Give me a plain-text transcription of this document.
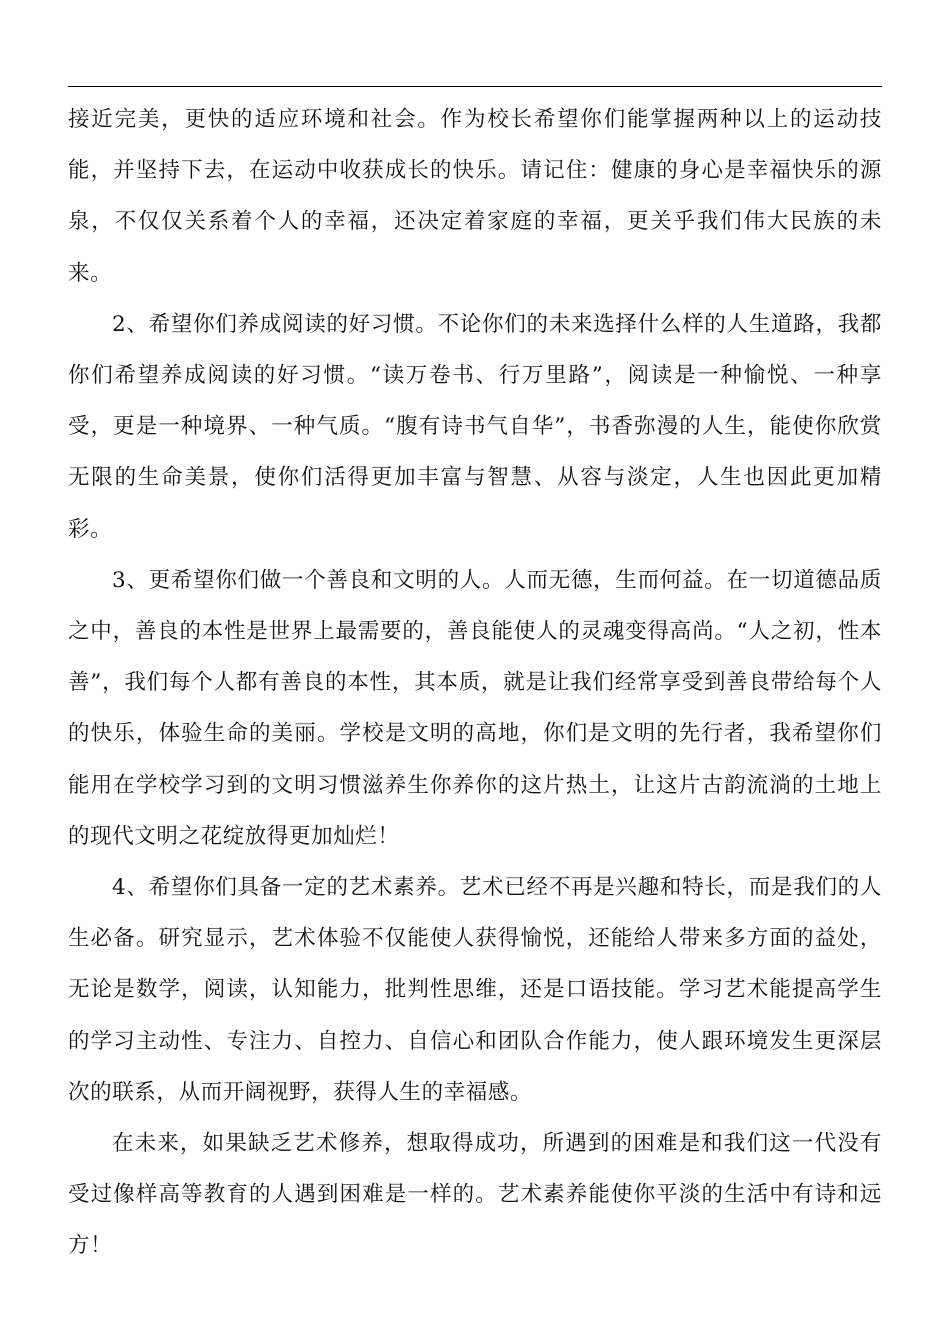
接近完美，更快的适应环境和社会。作为校长希望你们能掌握两种以上的运动技能，并坚持下去，在运动中收获成长的快乐。请记住：健康的身心是幸福快乐的源泉，不仅仅关系着个人的幸福，还决定着家庭的幸福，更关乎我们伟大民族的未来。

2、希望你们养成阅读的好习惯。不论你们的未来选择什么样的人生道路，我都你们希望养成阅读的好习惯。“读万卷书、行万里路”，阅读是一种愉悦、一种享受，更是一种境界、一种气质。“腹有诗书气自华”，书香弥漫的人生，能使你欣赏无限的生命美景，使你们活得更加丰富与智慧、从容与淡定，人生也因此更加精彩。

3、更希望你们做一个善良和文明的人。人而无德，生而何益。在一切道德品质之中，善良的本性是世界上最需要的，善良能使人的灵魂变得高尚。“人之初，性本善”，我们每个人都有善良的本性，其本质，就是让我们经常享受到善良带给每个人的快乐，体验生命的美丽。学校是文明的高地，你们是文明的先行者，我希望你们能用在学校学习到的文明习惯滋养生你养你的这片热土，让这片古韵流淌的土地上的现代文明之花绽放得更加灿烂！

4、希望你们具备一定的艺术素养。艺术已经不再是兴趣和特长，而是我们的人生必备。研究显示，艺术体验不仅能使人获得愉悦，还能给人带来多方面的益处，无论是数学，阅读，认知能力，批判性思维，还是口语技能。学习艺术能提高学生的学习主动性、专注力、自控力、自信心和团队合作能力，使人跟环境发生更深层次的联系，从而开阔视野，获得人生的幸福感。

在未来，如果缺乏艺术修养，想取得成功，所遇到的困难是和我们这一代没有受过像样高等教育的人遇到困难是一样的。艺术素养能使你平淡的生活中有诗和远方！
